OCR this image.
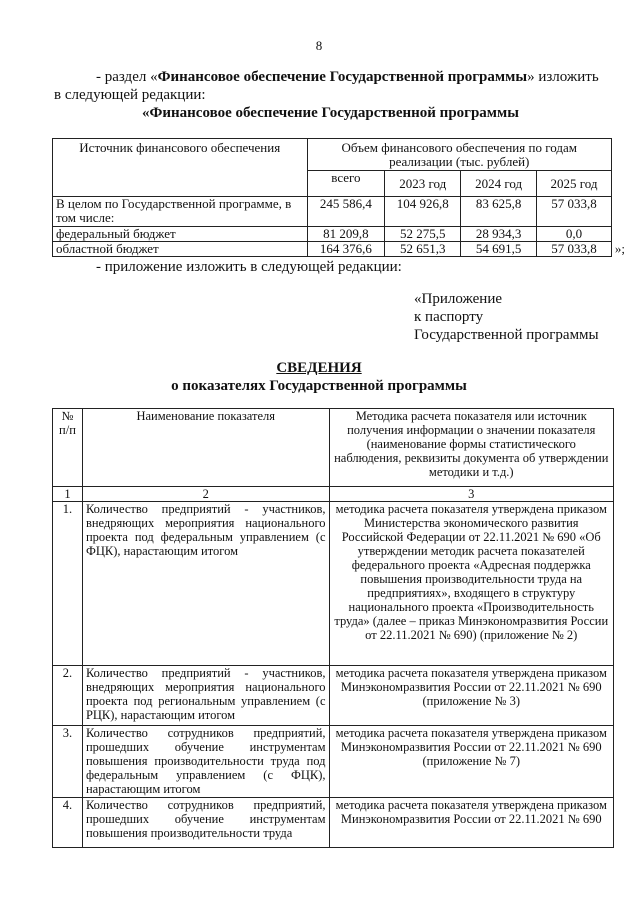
8
- раздел «Финансовое обеспечение Государственной программы» изложить
в следующей редакции:
«Финансовое обеспечение Государственной программы
Источник финансового обеспечения	Объем финансового обеспечения по годам реализации (тыс. рублей)			
	всего	2023 год	2024 год	2025 год
В целом по Государственной программе, в том числе:	245 586,4	104 926,8	83 625,8	57 033,8
федеральный бюджет	81 209,8	52 275,5	28 934,3	0,0
областной бюджет	164 376,6	52 651,3	54 691,5	57 033,8 »;
- приложение изложить в следующей редакции:
«Приложение
к паспорту
Государственной программы
СВЕДЕНИЯ
о показателях Государственной программы
№ п/п	Наименование показателя	Методика расчета показателя или источник получения информации о значении показателя (наименование формы статистического наблюдения, реквизиты документа об утверждении методики и т.д.)
1	2	3
1.	Количество предприятий - участников, внедряющих мероприятия национального проекта под федеральным управлением (с ФЦК), нарастающим итогом	методика расчета показателя утверждена приказом Министерства экономического развития Российской Федерации от 22.11.2021 № 690 «Об утверждении методик расчета показателей федерального проекта «Адресная поддержка повышения производительности труда на предприятиях», входящего в структуру национального проекта «Производительность труда» (далее – приказ Минэкономразвития России от 22.11.2021 № 690) (приложение № 2)
2.	Количество предприятий - участников, внедряющих мероприятия национального проекта под региональным управлением (с РЦК), нарастающим итогом	методика расчета показателя утверждена приказом Минэкономразвития России от 22.11.2021 № 690 (приложение № 3)
3.	Количество сотрудников предприятий, прошедших обучение инструментам повышения производительности труда под федеральным управлением (с ФЦК), нарастающим итогом	методика расчета показателя утверждена приказом Минэкономразвития России от 22.11.2021 № 690 (приложение № 7)
4.	Количество сотрудников предприятий, прошедших обучение инструментам повышения производительности труда	методика расчета показателя утверждена приказом Минэкономразвития России от 22.11.2021 № 690
